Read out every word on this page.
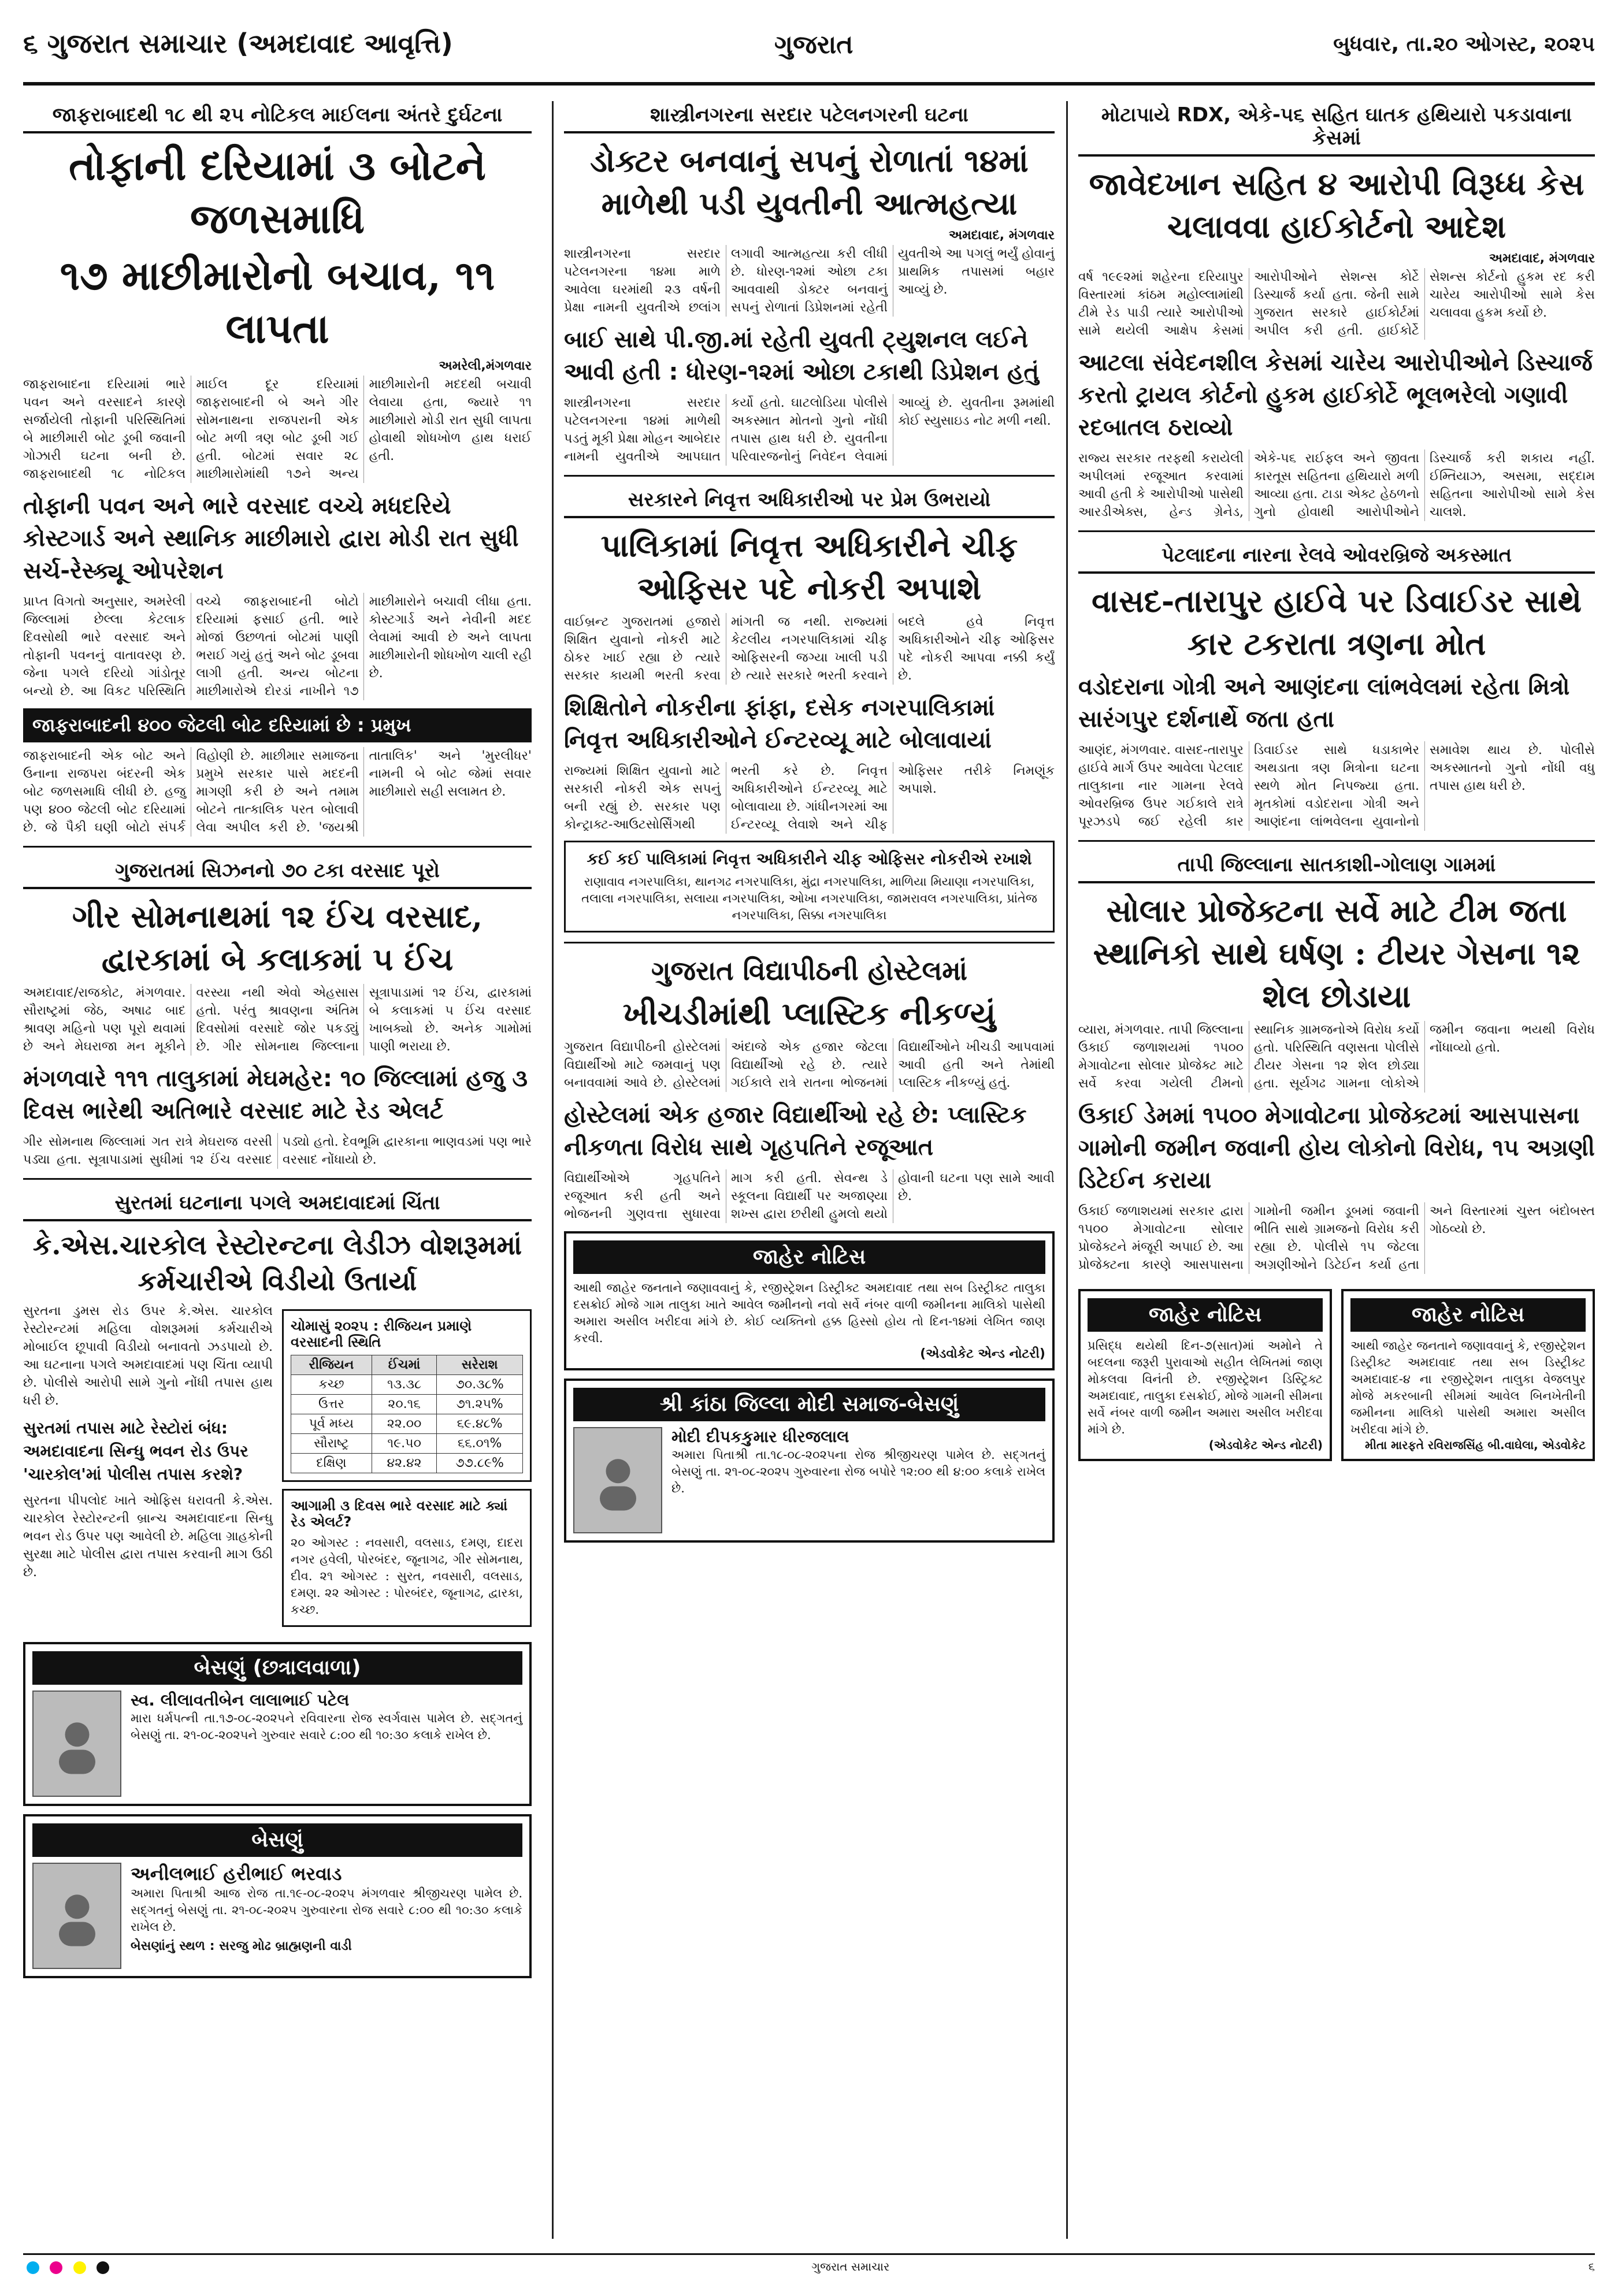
૬ ગુજરાત સમાચાર (અમદાવાદ આવૃત્તિ)	ગુજરાત	બુધવાર, તા.૨૦ ઓગસ્ટ, ૨૦૨૫
જાફરાબાદથી ૧૮ થી ૨૫ નોટિકલ માઈલના અંતરે દુર્ઘટના
તોફાની દરિયામાં ૩ બોટને જળસમાધિ
૧૭ માછીમારોનો બચાવ, ૧૧ લાપતા
અમરેલી,મંગળવાર
જાફરાબાદના દરિયામાં ભારે પવન અને વરસાદને કારણે સર્જાયેલી તોફાની પરિસ્થિતિમાં બે માછીમારી બોટ ડૂબી જવાની ગોઝારી ઘટના બની છે. જાફરાબાદથી ૧૮ નોટિકલ માઈલ દૂર દરિયામાં જાફરાબાદની બે અને ગીર સોમનાથના રાજપરાની એક બોટ મળી ત્રણ બોટ ડૂબી ગઈ હતી. બોટમાં સવાર ૨૮ માછીમારોમાંથી ૧૭ને અન્ય માછીમારોની મદદથી બચાવી લેવાયા હતા, જ્યારે ૧૧ માછીમારો મોડી રાત સુધી લાપતા હોવાથી શોધખોળ હાથ ધરાઈ હતી.
તોફાની પવન અને ભારે વરસાદ વચ્ચે મધદરિયે કોસ્ટગાર્ડ અને સ્થાનિક માછીમારો દ્વારા મોડી રાત સુધી સર્ચ-રેસ્ક્યૂ ઓપરેશન
પ્રાપ્ત વિગતો અનુસાર, અમરેલી જિલ્લામાં છેલ્લા કેટલાક દિવસોથી ભારે વરસાદ અને તોફાની પવનનું વાતાવરણ છે. જેના પગલે દરિયો ગાંડોતૂર બન્યો છે. આ વિકટ પરિસ્થિતિ વચ્ચે જાફરાબાદની બોટો દરિયામાં ફસાઈ હતી. ભારે મોજાં ઉછળતાં બોટમાં પાણી ભરાઈ ગયું હતું અને બોટ ડૂબવા લાગી હતી. અન્ય બોટના માછીમારોએ દોરડાં નાખીને ૧૭ માછીમારોને બચાવી લીધા હતા. કોસ્ટગાર્ડ અને નેવીની મદદ લેવામાં આવી છે અને લાપતા માછીમારોની શોધખોળ ચાલી રહી છે.
જાફરાબાદની ૪૦૦ જેટલી બોટ દરિયામાં છે : પ્રમુખ
જાફરાબાદની એક બોટ અને ઉનાના રાજપરા બંદરની એક બોટ જળસમાધિ લીધી છે. હજુ પણ ૪૦૦ જેટલી બોટ દરિયામાં છે. જે પૈકી ઘણી બોટો સંપર્ક વિહોણી છે. માછીમાર સમાજના પ્રમુખે સરકાર પાસે મદદની માગણી કરી છે અને તમામ બોટને તાત્કાલિક પરત બોલાવી લેવા અપીલ કરી છે. 'જયશ્રી તાતાલિક' અને 'મુરલીધર' નામની બે બોટ જેમાં સવાર માછીમારો સહી સલામત છે.
ગુજરાતમાં સિઝનનો ૭૦ ટકા વરસાદ પૂરો
ગીર સોમનાથમાં ૧૨ ઈંચ વરસાદ, દ્વારકામાં બે કલાકમાં ૫ ઈંચ
અમદાવાદ/રાજકોટ, મંગળવાર. સૌરાષ્ટ્રમાં જેઠ, અષાઢ બાદ શ્રાવણ મહિનો પણ પૂરો થવામાં છે અને મેઘરાજા મન મૂકીને વરસ્યા નથી એવો એહસાસ હતો. પરંતુ શ્રાવણના અંતિમ દિવસોમાં વરસાદે જોર પકડ્યું છે. ગીર સોમનાથ જિલ્લાના સૂત્રાપાડામાં ૧૨ ઈંચ, દ્વારકામાં બે કલાકમાં ૫ ઈંચ વરસાદ ખાબક્યો છે. અનેક ગામોમાં પાણી ભરાયા છે.
મંગળવારે ૧૧૧ તાલુકામાં મેઘમહેર: ૧૦ જિલ્લામાં હજુ ૩ દિવસ ભારેથી અતિભારે વરસાદ માટે રેડ એલર્ટ
ગીર સોમનાથ જિલ્લામાં ગત રાત્રે મેઘરાજ વરસી પડ્યા હતા. સૂત્રાપાડામાં સુધીમાં ૧૨ ઈંચ વરસાદ પડ્યો હતો. દેવભૂમિ દ્વારકાના ભાણવડમાં પણ ભારે વરસાદ નોંધાયો છે.
સુરતમાં ઘટનાના પગલે અમદાવાદમાં ચિંતા
કે.એસ.ચારકોલ રેસ્ટોરન્ટના લેડીઝ વોશરૂમમાં કર્મચારીએ વિડીયો ઉતાર્યા
સુરતના ડુમસ રોડ ઉપર કે.એસ. ચારકોલ રેસ્ટોરન્ટમાં મહિલા વોશરૂમમાં કર્મચારીએ મોબાઈલ છૂપાવી વિડીયો બનાવતો ઝડપાયો છે. આ ઘટનાના પગલે અમદાવાદમાં પણ ચિંતા વ્યાપી છે. પોલીસે આરોપી સામે ગુનો નોંધી તપાસ હાથ ધરી છે.
સુરતમાં તપાસ માટે રેસ્ટોરાં બંધ: અમદાવાદના સિન્ધુ ભવન રોડ ઉપર 'ચારકોલ'માં પોલીસ તપાસ કરશે?
સુરતના પીપલોદ ખાતે ઓફિસ ધરાવતી કે.એસ. ચારકોલ રેસ્ટોરન્ટની બ્રાન્ચ અમદાવાદના સિન્ધુ ભવન રોડ ઉપર પણ આવેલી છે. મહિલા ગ્રાહકોની સુરક્ષા માટે પોલીસ દ્વારા તપાસ કરવાની માગ ઉઠી છે.
ચોમાસું ૨૦૨૫ : રીજિયન પ્રમાણે વરસાદની સ્થિતિ
રીજિયન	ઈંચમાં	સરેરાશ
કચ્છ	૧૩.૩૮	૭૦.૩૮%
ઉત્તર	૨૦.૧૬	૭૧.૨૫%
પૂર્વ મધ્ય	૨૨.૦૦	૬૯.૪૮%
સૌરાષ્ટ્ર	૧૯.૫૦	૬૬.૦૧%
દક્ષિણ	૪૨.૪૨	૭૭.૮૯%
આગામી ૩ દિવસ ભારે વરસાદ માટે ક્યાં રેડ એલર્ટ?
૨૦ ઓગસ્ટ : નવસારી, વલસાડ, દમણ, દાદરા નગર હવેલી, પોરબંદર, જૂનાગઢ, ગીર સોમનાથ, દીવ. ૨૧ ઓગસ્ટ : સુરત, નવસારી, વલસાડ, દમણ. ૨૨ ઓગસ્ટ : પોરબંદર, જૂનાગઢ, દ્વારકા, કચ્છ.
બેસણું (છત્રાલવાળા)
સ્વ. લીલાવતીબેન લાલાભાઈ પટેલ
મારા ધર્મપત્ની તા.૧૭-૦૮-૨૦૨૫ને રવિવારના રોજ સ્વર્ગવાસ પામેલ છે. સદ્ગતનું બેસણું તા. ૨૧-૦૮-૨૦૨૫ને ગુરુવાર સવારે ૮:૦૦ થી ૧૦:૩૦ કલાકે રાખેલ છે.
બેસણું
અનીલભાઈ હરીભાઈ ભરવાડ
અમારા પિતાશ્રી આજ રોજ તા.૧૯-૦૮-૨૦૨૫ મંગળવાર શ્રીજીચરણ પામેલ છે. સદ્ગતનું બેસણું તા. ૨૧-૦૮-૨૦૨૫ ગુરુવારના રોજ સવારે ૮:૦૦ થી ૧૦:૩૦ કલાકે રાખેલ છે.
બેસણાંનું સ્થળ : સરજુ મોઢ બ્રાહ્મણની વાડી
શાસ્ત્રીનગરના સરદાર પટેલનગરની ઘટના
ડોક્ટર બનવાનું સપનું રોળાતાં ૧૪માં માળેથી પડી યુવતીની આત્મહત્યા
અમદાવાદ, મંગળવાર
શાસ્ત્રીનગરના સરદાર પટેલનગરના ૧૪મા માળે આવેલા ઘરમાંથી ૨૩ વર્ષની પ્રેક્ષા નામની યુવતીએ છલાંગ લગાવી આત્મહત્યા કરી લીધી છે. ધોરણ-૧૨માં ઓછા ટકા આવવાથી ડોક્ટર બનવાનું સપનું રોળાતાં ડિપ્રેશનમાં રહેતી યુવતીએ આ પગલું ભર્યું હોવાનું પ્રાથમિક તપાસમાં બહાર આવ્યું છે.
બાઈ સાથે પી.જી.માં રહેતી યુવતી ટ્યુશનલ લઈને આવી હતી : ધોરણ-૧૨માં ઓછા ટકાથી ડિપ્રેશન હતું
શાસ્ત્રીનગરના સરદાર પટેલનગરના ૧૪માં માળેથી પડતું મૂકી પ્રેક્ષા મોહન આબેદાર નામની યુવતીએ આપઘાત કર્યો હતો. ઘાટલોડિયા પોલીસે અકસ્માત મોતનો ગુનો નોંધી તપાસ હાથ ધરી છે. યુવતીના પરિવારજનોનું નિવેદન લેવામાં આવ્યું છે. યુવતીના રૂમમાંથી કોઈ સ્યુસાઇડ નોટ મળી નથી.
સરકારને નિવૃત્ત અધિકારીઓ પર પ્રેમ ઉભરાયો
પાલિકામાં નિવૃત્ત અધિકારીને ચીફ ઓફિસર પદે નોકરી અપાશે
વાઈબ્રન્ટ ગુજરાતમાં હજારો શિક્ષિત યુવાનો નોકરી માટે ઠોકર ખાઈ રહ્યા છે ત્યારે સરકાર કાયમી ભરતી કરવા માંગતી જ નથી. રાજ્યમાં કેટલીય નગરપાલિકામાં ચીફ ઓફિસરની જગ્યા ખાલી પડી છે ત્યારે સરકારે ભરતી કરવાને બદલે હવે નિવૃત્ત અધિકારીઓને ચીફ ઓફિસર પદે નોકરી આપવા નક્કી કર્યું છે.
શિક્ષિતોને નોકરીના ફાંફા, દસેક નગરપાલિકામાં નિવૃત્ત અધિકારીઓને ઈન્ટરવ્યૂ માટે બોલાવાયાં
રાજ્યમાં શિક્ષિત યુવાનો માટે સરકારી નોકરી એક સપનું બની રહ્યું છે. સરકાર પણ કોન્ટ્રાક્ટ-આઉટસોર્સિંગથી ભરતી કરે છે. નિવૃત્ત અધિકારીઓને ઈન્ટરવ્યૂ માટે બોલાવાયા છે. ગાંધીનગરમાં આ ઈન્ટરવ્યૂ લેવાશે અને ચીફ ઓફિસર તરીકે નિમણૂંક અપાશે.
કઈ કઈ પાલિકામાં નિવૃત્ત અધિકારીને ચીફ ઓફિસર નોકરીએ રખાશે
રાણાવાવ નગરપાલિકા, થાનગઢ નગરપાલિકા, મુંદ્રા નગરપાલિકા, માળિયા મિયાણા નગરપાલિકા, તલાલા નગરપાલિકા, સલાયા નગરપાલિકા, ઓખા નગરપાલિકા, જામરાવલ નગરપાલિકા, પ્રાંતેજ નગરપાલિકા, સિક્કા નગરપાલિકા
ગુજરાત વિદ્યાપીઠની હોસ્ટેલમાં
ખીચડીમાંથી પ્લાસ્ટિક નીકળ્યું
ગુજરાત વિદ્યાપીઠની હોસ્ટેલમાં વિદ્યાર્થીઓ માટે જમવાનું પણ બનાવવામાં આવે છે. હોસ્ટેલમાં અંદાજે એક હજાર જેટલા વિદ્યાર્થીઓ રહે છે. ત્યારે ગઈકાલે રાત્રે રાતના ભોજનમાં વિદ્યાર્થીઓને ખીચડી આપવામાં આવી હતી અને તેમાંથી પ્લાસ્ટિક નીકળ્યું હતું.
હોસ્ટેલમાં એક હજાર વિદ્યાર્થીઓ રહે છે: પ્લાસ્ટિક નીકળતા વિરોધ સાથે ગૃહપતિને રજૂઆત
વિદ્યાર્થીઓએ ગૃહપતિને રજૂઆત કરી હતી અને ભોજનની ગુણવત્તા સુધારવા માગ કરી હતી. સેવન્થ ડે સ્કૂલના વિદ્યાર્થી પર અજાણ્યા શખ્સ દ્વારા છરીથી હુમલો થયો હોવાની ઘટના પણ સામે આવી છે.
જાહેર નોટિસ
આથી જાહેર જનતાને જણાવવાનું કે, રજીસ્ટ્રેશન ડિસ્ટ્રીક્ટ અમદાવાદ તથા સબ ડિસ્ટ્રીક્ટ તાલુકા દસક્રોઈ મોજે ગામ તાલુકા ખાતે આવેલ જમીનનો નવો સર્વે નંબર વાળી જમીનના માલિકો પાસેથી અમારા અસીલ ખરીદવા માંગે છે. કોઈ વ્યક્તિનો હક્ક હિસ્સો હોય તો દિન-૧૪માં લેખિત જાણ કરવી.
(એડવોકેટ એન્ડ નોટરી)
શ્રી કાંઠા જિલ્લા મોદી સમાજ-બેસણું
મોદી દીપકકુમાર ધીરજલાલ
અમારા પિતાશ્રી તા.૧૮-૦૮-૨૦૨૫ના રોજ શ્રીજીચરણ પામેલ છે. સદ્ગતનું બેસણું તા. ૨૧-૦૮-૨૦૨૫ ગુરુવારના રોજ બપોરે ૧૨:૦૦ થી ૪:૦૦ કલાકે રાખેલ છે.
મોટાપાયે RDX, એકે-૫૬ સહિત ઘાતક હથિયારો પકડાવાના કેસમાં
જાવેદખાન સહિત ૪ આરોપી વિરૂધ્ધ કેસ ચલાવવા હાઈકોર્ટનો આદેશ
અમદાવાદ, મંગળવાર
વર્ષ ૧૯૯૨માં શહેરના દરિયાપુર વિસ્તારમાં કાંઠમ મહોલ્લામાંથી ટીમે રેડ પાડી ત્યારે આરોપીઓ સામે થયેલી આક્ષેપ કેસમાં આરોપીઓને સેશન્સ કોર્ટે ડિસ્ચાર્જ કર્યા હતા. જેની સામે ગુજરાત સરકારે હાઈકોર્ટમાં અપીલ કરી હતી. હાઈકોર્ટે સેશન્સ કોર્ટનો હુકમ રદ કરી ચારેય આરોપીઓ સામે કેસ ચલાવવા હુકમ કર્યો છે.
આટલા સંવેદનશીલ કેસમાં ચારેય આરોપીઓને ડિસ્ચાર્જ કરતો ટ્રાયલ કોર્ટનો હુકમ હાઈકોર્ટે ભૂલભરેલો ગણાવી રદબાતલ ઠરાવ્યો
રાજ્ય સરકાર તરફથી કરાયેલી અપીલમાં રજૂઆત કરવામાં આવી હતી કે આરોપીઓ પાસેથી આરડીએક્સ, હેન્ડ ગ્રેનેડ, એકે-૫૬ રાઈફલ અને જીવતા કારતૂસ સહિતના હથિયારો મળી આવ્યા હતા. ટાડા એક્ટ હેઠળનો ગુનો હોવાથી આરોપીઓને ડિસ્ચાર્જ કરી શકાય નહીં. ઈમ્તિયાઝ, અસમા, સદ્દામ સહિતના આરોપીઓ સામે કેસ ચાલશે.
પેટલાદના નારના રેલવે ઓવરબ્રિજે અકસ્માત
વાસદ-તારાપુર હાઈવે પર ડિવાઈડર સાથે કાર ટકરાતા ત્રણના મોત
વડોદરાના ગોત્રી અને આણંદના લાંભવેલમાં રહેતા મિત્રો સારંગપુર દર્શનાર્થે જતા હતા
આણંદ, મંગળવાર. વાસદ-તારાપુર હાઈવે માર્ગ ઉપર આવેલા પેટલાદ તાલુકાના નાર ગામના રેલવે ઓવરબ્રિજ ઉપર ગઈકાલે રાત્રે પૂરઝડપે જઈ રહેલી કાર ડિવાઈડર સાથે ધડાકાભેર અથડાતા ત્રણ મિત્રોના ઘટના સ્થળે મોત નિપજ્યા હતા. મૃતકોમાં વડોદરાના ગોત્રી અને આણંદના લાંભવેલના યુવાનોનો સમાવેશ થાય છે. પોલીસે અકસ્માતનો ગુનો નોંધી વધુ તપાસ હાથ ધરી છે.
તાપી જિલ્લાના સાતકાશી-ગોલાણ ગામમાં
સોલાર પ્રોજેક્ટના સર્વે માટે ટીમ જતા સ્થાનિકો સાથે ઘર્ષણ : ટીયર ગેસના ૧૨ શેલ છોડાયા
વ્યારા, મંગળવાર. તાપી જિલ્લાના ઉકાઈ જળાશયમાં ૧૫૦૦ મેગાવોટના સોલાર પ્રોજેક્ટ માટે સર્વે કરવા ગયેલી ટીમનો સ્થાનિક ગ્રામજનોએ વિરોધ કર્યો હતો. પરિસ્થિતિ વણસતા પોલીસે ટીયર ગેસના ૧૨ શેલ છોડ્યા હતા. સૂર્યગઢ ગામના લોકોએ જમીન જવાના ભયથી વિરોધ નોંધાવ્યો હતો.
ઉકાઈ ડેમમાં ૧૫૦૦ મેગાવોટના પ્રોજેક્ટમાં આસપાસના ગામોની જમીન જવાની હોય લોકોનો વિરોધ, ૧૫ અગ્રણી ડિટેઈન કરાયા
ઉકાઈ જળાશયમાં સરકાર દ્વારા ૧૫૦૦ મેગાવોટના સોલાર પ્રોજેક્ટને મંજૂરી અપાઈ છે. આ પ્રોજેક્ટના કારણે આસપાસના ગામોની જમીન ડૂબમાં જવાની ભીતિ સાથે ગ્રામજનો વિરોધ કરી રહ્યા છે. પોલીસે ૧૫ જેટલા અગ્રણીઓને ડિટેઈન કર્યા હતા અને વિસ્તારમાં ચુસ્ત બંદોબસ્ત ગોઠવ્યો છે.
જાહેર નોટિસ
પ્રસિદ્ધ થયેથી દિન-૭(સાત)માં અમોને તે બદલના જરૂરી પુરાવાઓ સહીત લેખિતમાં જાણ મોકલવા વિનંતી છે. રજીસ્ટ્રેશન ડિસ્ટ્રિક્ટ અમદાવાદ, તાલુકા દસક્રોઈ, મોજે ગામની સીમના સર્વે નંબર વાળી જમીન અમારા અસીલ ખરીદવા માંગે છે.
(એડવોકેટ એન્ડ નોટરી)
જાહેર નોટિસ
આથી જાહેર જનતાને જણાવવાનું કે, રજીસ્ટ્રેશન ડિસ્ટ્રીક્ટ અમદાવાદ તથા સબ ડિસ્ટ્રીક્ટ અમદાવાદ-૪ ના રજીસ્ટ્રેશન તાલુકા વેજલપુર મોજે મકરબાની સીમમાં આવેલ બિનખેતીની જમીનના માલિકો પાસેથી અમારા અસીલ ખરીદવા માંગે છે.
મીતા મારફતે રવિરાજસિંહ બી.વાઘેલા, એડવોકેટ

ગુજરાત સમાચાર	૬
